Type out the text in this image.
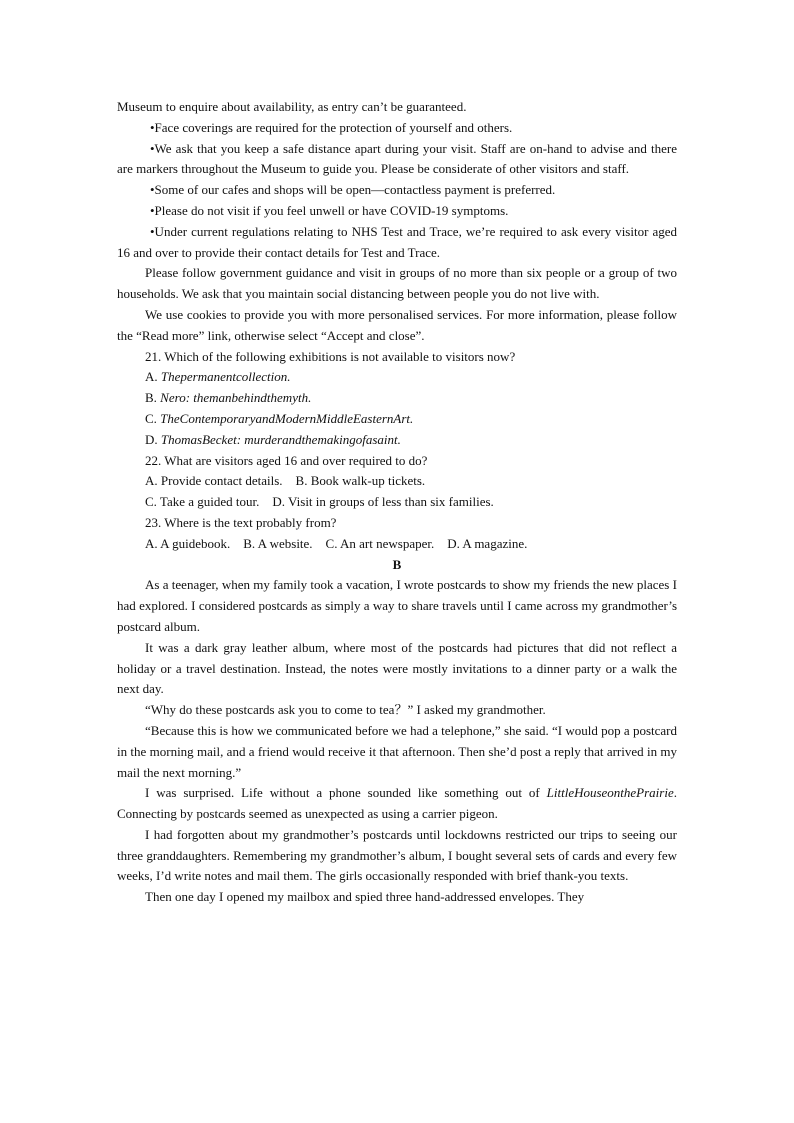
Museum to enquire about availability, as entry can’t be guaranteed.

•Face coverings are required for the protection of yourself and others.

•We ask that you keep a safe distance apart during your visit. Staff are on-hand to advise and there are markers throughout the Museum to guide you. Please be considerate of other visitors and staff.

•Some of our cafes and shops will be open—contactless payment is preferred.

•Please do not visit if you feel unwell or have COVID-19 symptoms.

•Under current regulations relating to NHS Test and Trace, we’re required to ask every visitor aged 16 and over to provide their contact details for Test and Trace.

Please follow government guidance and visit in groups of no more than six people or a group of two households. We ask that you maintain social distancing between people you do not live with.

We use cookies to provide you with more personalised services. For more information, please follow the “Read more” link, otherwise select “Accept and close”.

21. Which of the following exhibitions is not available to visitors now?

A. Thepermanentcollection.

B. Nero: themanbehindthemyth.

C. TheContemporaryandModernMiddleEasternArt.

D. ThomasBecket: murderandthemakingofasaint.

22. What are visitors aged 16 and over required to do?

A. Provide contact details.    B. Book walk-up tickets.

C. Take a guided tour.    D. Visit in groups of less than six families.

23. Where is the text probably from?

A. A guidebook.    B. A website.    C. An art newspaper.    D. A magazine.

B

As a teenager, when my family took a vacation, I wrote postcards to show my friends the new places I had explored. I considered postcards as simply a way to share travels until I came across my grandmother’s postcard album.

It was a dark gray leather album, where most of the postcards had pictures that did not reflect a holiday or a travel destination. Instead, the notes were mostly invitations to a dinner party or a walk the next day.

“Why do these postcards ask you to come to tea？” I asked my grandmother.

“Because this is how we communicated before we had a telephone,” she said. “I would pop a postcard in the morning mail, and a friend would receive it that afternoon. Then she’d post a reply that arrived in my mail the next morning.”

I was surprised. Life without a phone sounded like something out of LittleHouseonthePrairie. Connecting by postcards seemed as unexpected as using a carrier pigeon.

I had forgotten about my grandmother’s postcards until lockdowns restricted our trips to seeing our three granddaughters. Remembering my grandmother’s album, I bought several sets of cards and every few weeks, I’d write notes and mail them. The girls occasionally responded with brief thank-you texts.

Then one day I opened my mailbox and spied three hand-addressed envelopes. They
